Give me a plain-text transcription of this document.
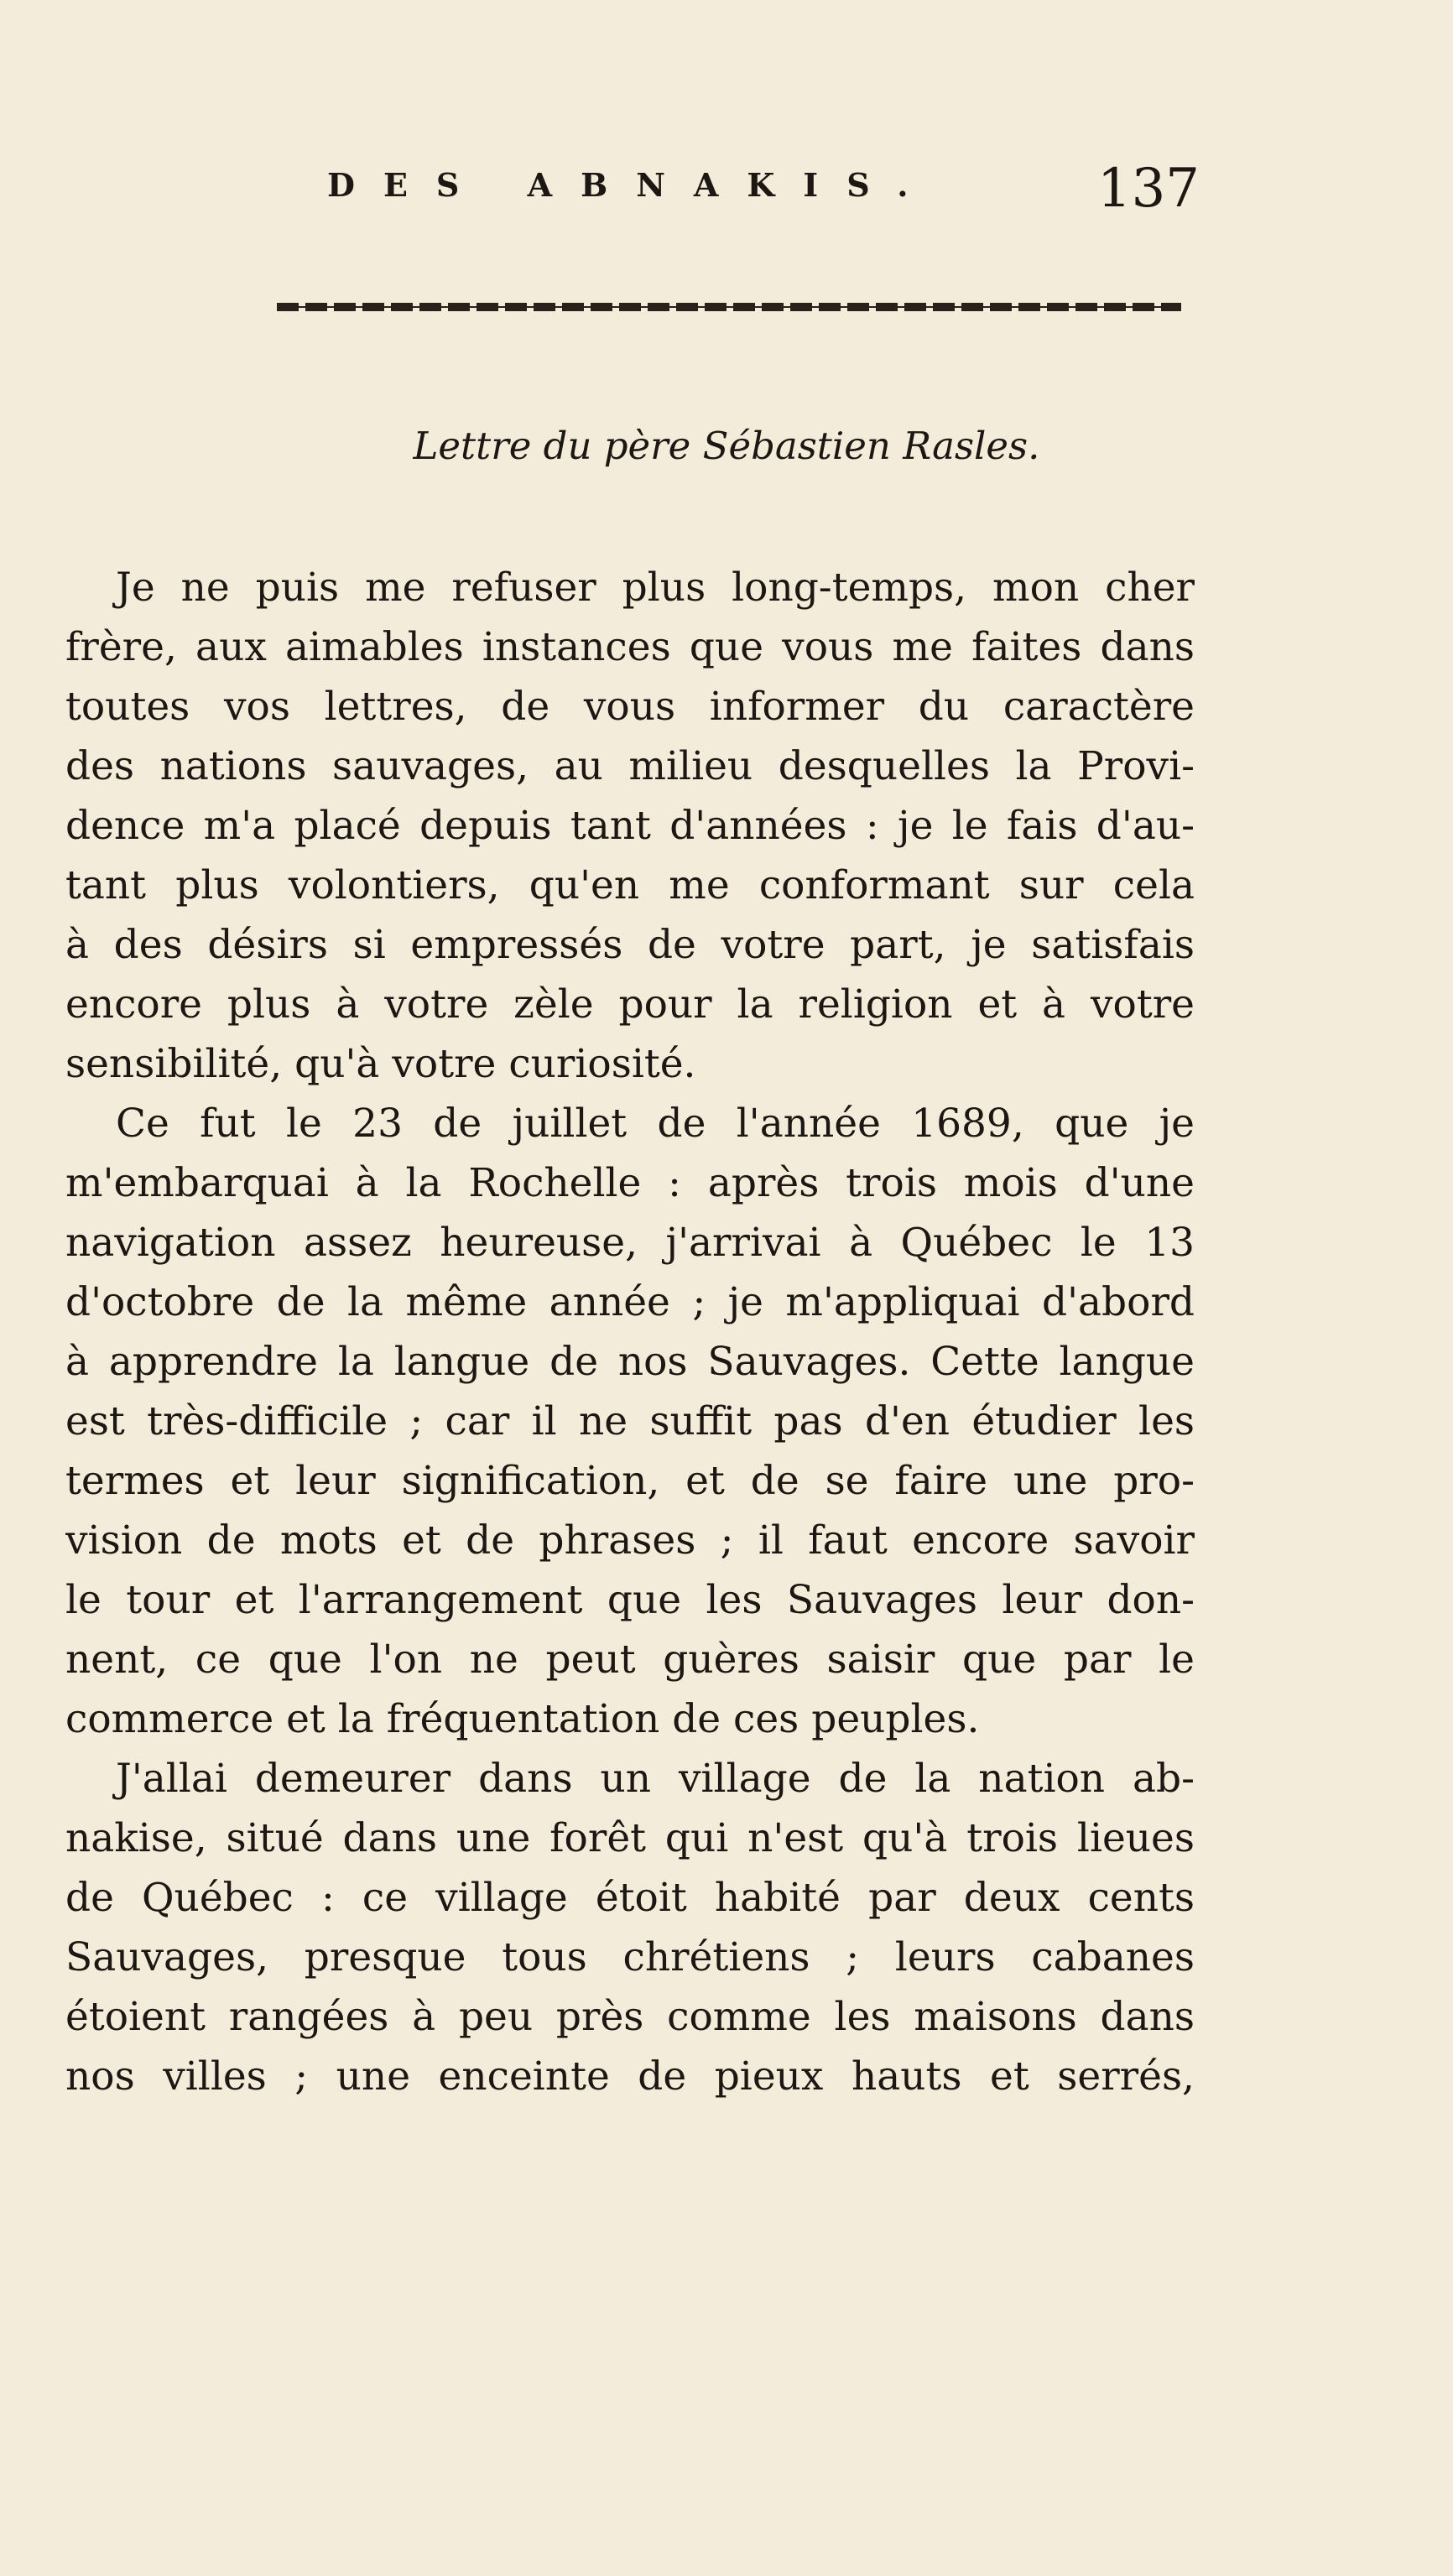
DES ABNAKIS.	137
Lettre du père Sébastien Rasles.
Je ne puis me refuser plus long-temps, mon cher
frère, aux aimables instances que vous me faites dans
toutes vos lettres, de vous informer du caractère
des nations sauvages, au milieu desquelles la Provi-
dence m'a placé depuis tant d'années : je le fais d'au-
tant plus volontiers, qu'en me conformant sur cela
à des désirs si empressés de votre part, je satisfais
encore plus à votre zèle pour la religion et à votre
sensibilité, qu'à votre curiosité.
Ce fut le 23 de juillet de l'année 1689, que je
m'embarquai à la Rochelle : après trois mois d'une
navigation assez heureuse, j'arrivai à Québec le 13
d'octobre de la même année ; je m'appliquai d'abord
à apprendre la langue de nos Sauvages. Cette langue
est très-difficile ; car il ne suffit pas d'en étudier les
termes et leur signification, et de se faire une pro-
vision de mots et de phrases ; il faut encore savoir
le tour et l'arrangement que les Sauvages leur don-
nent, ce que l'on ne peut guères saisir que par le
commerce et la fréquentation de ces peuples.
J'allai demeurer dans un village de la nation ab-
nakise, situé dans une forêt qui n'est qu'à trois lieues
de Québec : ce village étoit habité par deux cents
Sauvages, presque tous chrétiens ; leurs cabanes
étoient rangées à peu près comme les maisons dans
nos villes ; une enceinte de pieux hauts et serrés,
